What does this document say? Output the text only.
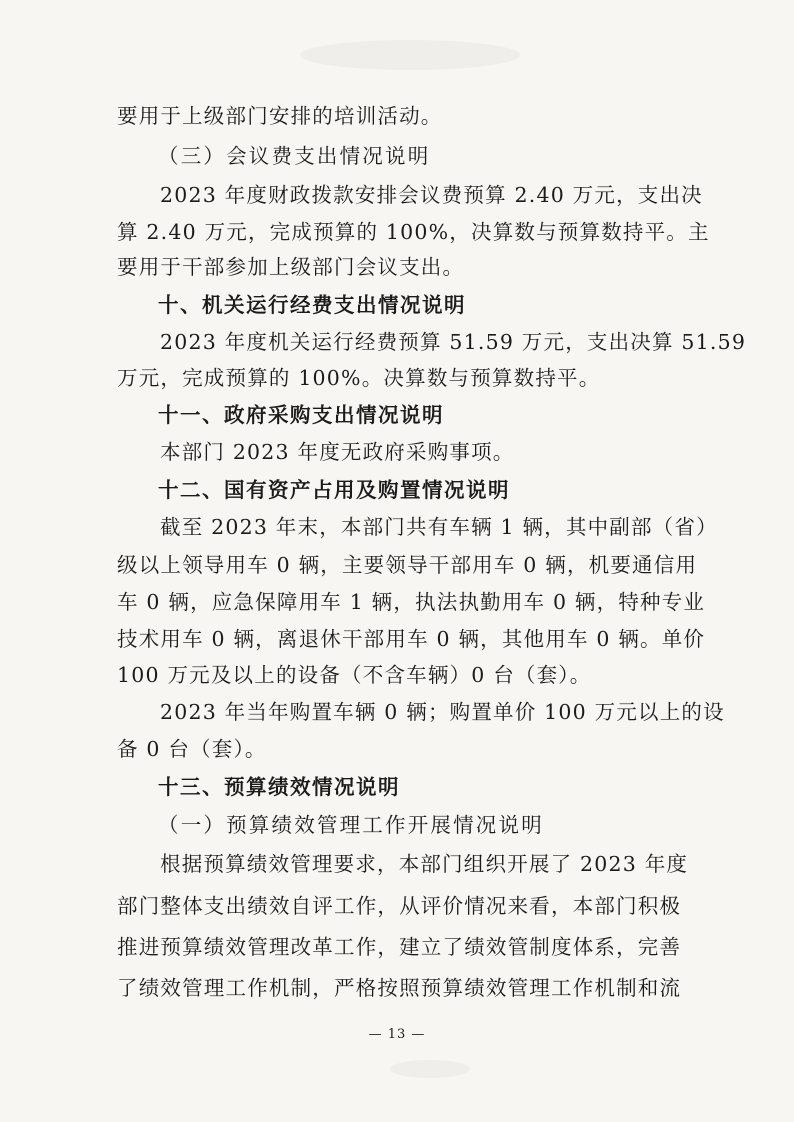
要用于上级部门安排的培训活动。
（三）会议费支出情况说明
2023 年度财政拨款安排会议费预算 2.40 万元，支出决
算 2.40 万元，完成预算的 100%，决算数与预算数持平。主
要用于干部参加上级部门会议支出。
十、机关运行经费支出情况说明
2023 年度机关运行经费预算 51.59 万元，支出决算 51.59
万元，完成预算的 100%。决算数与预算数持平。
十一、政府采购支出情况说明
本部门 2023 年度无政府采购事项。
十二、国有资产占用及购置情况说明
截至 2023 年末，本部门共有车辆 1 辆，其中副部（省）
级以上领导用车 0 辆，主要领导干部用车 0 辆，机要通信用
车 0 辆，应急保障用车 1 辆，执法执勤用车 0 辆，特种专业
技术用车 0 辆，离退休干部用车 0 辆，其他用车 0 辆。单价
100 万元及以上的设备（不含车辆）0 台（套）。
2023 年当年购置车辆 0 辆；购置单价 100 万元以上的设
备 0 台（套）。
十三、预算绩效情况说明
（一）预算绩效管理工作开展情况说明
根据预算绩效管理要求，本部门组织开展了 2023 年度
部门整体支出绩效自评工作，从评价情况来看，本部门积极
推进预算绩效管理改革工作，建立了绩效管制度体系，完善
了绩效管理工作机制，严格按照预算绩效管理工作机制和流
— 13 —
